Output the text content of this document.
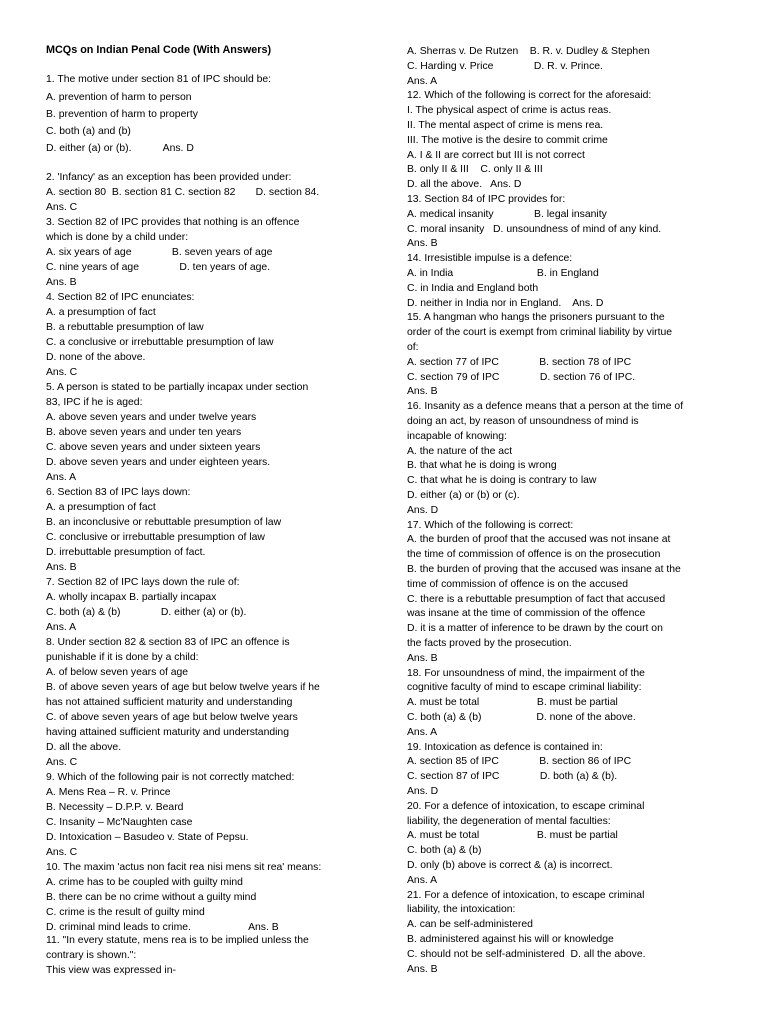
MCQs on Indian Penal Code (With Answers)
1. The motive under section 81 of IPC should be:
A. prevention of harm to person
B. prevention of harm to property
C. both (a) and (b)
D. either (a) or (b).           Ans. D
2. 'Infancy' as an exception has been provided under:
A. section 80  B. section 81 C. section 82       D. section 84.
Ans. C
3. Section 82 of IPC provides that nothing is an offence
which is done by a child under:
A. six years of age              B. seven years of age
C. nine years of age              D. ten years of age.
Ans. B
4. Section 82 of IPC enunciates:
A. a presumption of fact
B. a rebuttable presumption of law
C. a conclusive or irrebuttable presumption of law
D. none of the above.
Ans. C
5. A person is stated to be partially incapax under section
83, IPC if he is aged:
A. above seven years and under twelve years
B. above seven years and under ten years
C. above seven years and under sixteen years
D. above seven years and under eighteen years.
Ans. A
6. Section 83 of IPC lays down:
A. a presumption of fact
B. an inconclusive or rebuttable presumption of law
C. conclusive or irrebuttable presumption of law
D. irrebuttable presumption of fact.
Ans. B
7. Section 82 of IPC lays down the rule of:
A. wholly incapax B. partially incapax
C. both (a) & (b)              D. either (a) or (b).
Ans. A
8. Under section 82 & section 83 of IPC an offence is
punishable if it is done by a child:
A. of below seven years of age
B. of above seven years of age but below twelve years if he
has not attained sufficient maturity and understanding
C. of above seven years of age but below twelve years
having attained sufficient maturity and understanding
D. all the above.
Ans. C
9. Which of the following pair is not correctly matched:
A. Mens Rea – R. v. Prince
B. Necessity – D.P.P. v. Beard
C. Insanity – Mc'Naughten case
D. Intoxication – Basudeo v. State of Pepsu.
Ans. C
10. The maxim 'actus non facit rea nisi mens sit rea' means:
A. crime has to be coupled with guilty mind
B. there can be no crime without a guilty mind
C. crime is the result of guilty mind
D. criminal mind leads to crime.                    Ans. B
11. "In every statute, mens rea is to be implied unless the
contrary is shown.":
This view was expressed in-
A. Sherras v. De Rutzen    B. R. v. Dudley & Stephen
C. Harding v. Price              D. R. v. Prince.
Ans. A
12. Which of the following is correct for the aforesaid:
I. The physical aspect of crime is actus reas.
II. The mental aspect of crime is mens rea.
III. The motive is the desire to commit crime
A. I & II are correct but III is not correct
B. only II & III    C. only II & III
D. all the above.   Ans. D
13. Section 84 of IPC provides for:
A. medical insanity              B. legal insanity
C. moral insanity   D. unsoundness of mind of any kind.
Ans. B
14. Irresistible impulse is a defence:
A. in India                             B. in England
C. in India and England both
D. neither in India nor in England.    Ans. D
15. A hangman who hangs the prisoners pursuant to the
order of the court is exempt from criminal liability by virtue
of:
A. section 77 of IPC              B. section 78 of IPC
C. section 79 of IPC              D. section 76 of IPC.
Ans. B
16. Insanity as a defence means that a person at the time of
doing an act, by reason of unsoundness of mind is
incapable of knowing:
A. the nature of the act
B. that what he is doing is wrong
C. that what he is doing is contrary to law
D. either (a) or (b) or (c).
Ans. D
17. Which of the following is correct:
A. the burden of proof that the accused was not insane at
the time of commission of offence is on the prosecution
B. the burden of proving that the accused was insane at the
time of commission of offence is on the accused
C. there is a rebuttable presumption of fact that accused
was insane at the time of commission of the offence
D. it is a matter of inference to be drawn by the court on
the facts proved by the prosecution.
Ans. B
18. For unsoundness of mind, the impairment of the
cognitive faculty of mind to escape criminal liability:
A. must be total                    B. must be partial
C. both (a) & (b)                   D. none of the above.
Ans. A
19. Intoxication as defence is contained in:
A. section 85 of IPC              B. section 86 of IPC
C. section 87 of IPC              D. both (a) & (b).
Ans. D
20. For a defence of intoxication, to escape criminal
liability, the degeneration of mental faculties:
A. must be total                    B. must be partial
C. both (a) & (b)
D. only (b) above is correct & (a) is incorrect.
Ans. A
21. For a defence of intoxication, to escape criminal
liability, the intoxication:
A. can be self-administered
B. administered against his will or knowledge
C. should not be self-administered  D. all the above.
Ans. B
